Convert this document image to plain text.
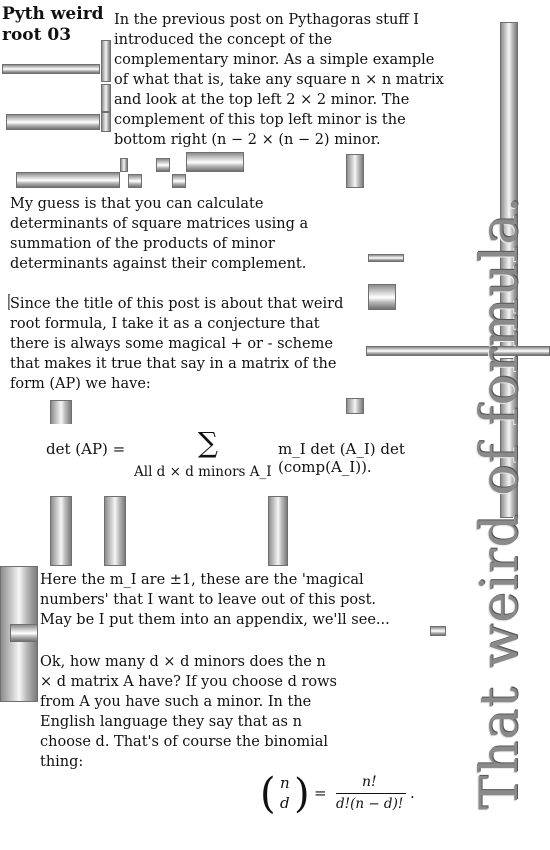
Pyth weird
root 03
In the previous post on Pythagoras stuff I introduced the concept of the complementary minor. As a simple example of what that is, take any square n × n matrix and look at the top left 2 × 2 minor. The complement of this top left minor is the bottom right (n − 2 × (n − 2) minor.
My guess is that you can calculate determinants of square matrices using a summation of the products of minor determinants against their complement.
Since the title of this post is about that weird root formula, I take it as a conjecture that there is always some magical + or - scheme that makes it true that say in a matrix of the form (AP) we have:
det (AP) =	∑
All d × d minors A_I
m_I det (A_I) det (comp(A_I)).
Here the m_I are ±1, these are the 'magical numbers' that I want to leave out of this post. May be I put them into an appendix, we'll see...
Ok, how many d × d minors does the n × d matrix A have? If you choose d rows from A you have such a minor. In the English language they say that as n choose d. That's of course the binomial thing:
( n
d ) =
n!
d!(n − d)!
. That weird of formula.
